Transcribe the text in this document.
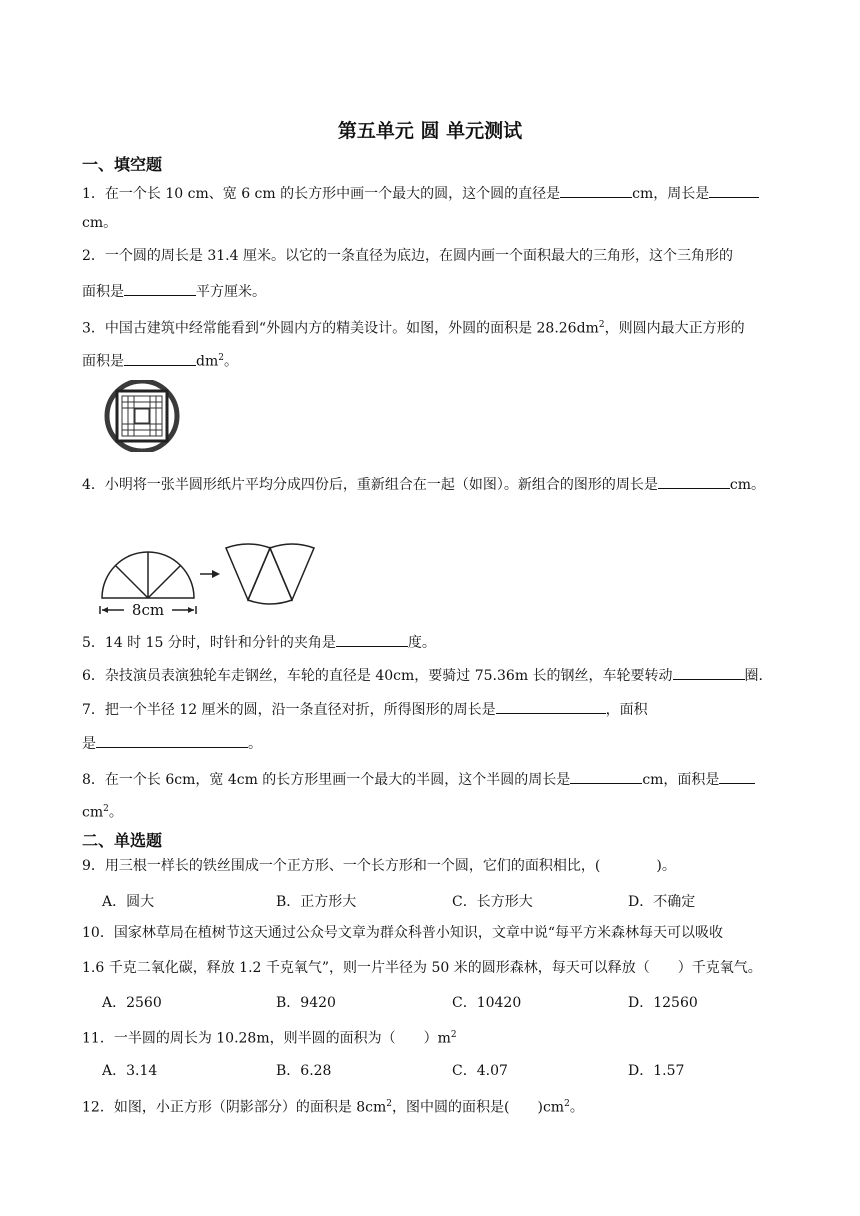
第五单元 圆 单元测试
一、填空题
1．在一个长 10 cm、宽 6 cm 的长方形中画一个最大的圆，这个圆的直径是	cm，周长是
cm。
2．一个圆的周长是 31.4 厘米。以它的一条直径为底边，在圆内画一个面积最大的三角形，这个三角形的
面积是	平方厘米。
3．中国古建筑中经常能看到“外圆内方的精美设计。如图，外圆的面积是 $28.26dm^2$，则圆内最大正方形的
面积是	$dm^2$。
4．小明将一张半圆形纸片平均分成四份后，重新组合在一起（如图）。新组合的图形的周长是	cm。
8cm
5．14 时 15 分时，时针和分针的夹角是	度。
6．杂技演员表演独轮车走钢丝，车轮的直径是 40cm，要骑过 75.36m 长的钢丝，车轮要转动	圈.
7．把一个半径 12 厘米的圆，沿一条直径对折，所得图形的周长是	，面积
是	。
8．在一个长 6cm，宽 4cm 的长方形里画一个最大的半圆，这个半圆的周长是	cm，面积是
$cm^2$。
二、单选题
9．用三根一样长的铁丝围成一个正方形、一个长方形和一个圆，它们的面积相比，(	)。
A．圆大	B．正方形大	C．长方形大	D．不确定
10．国家林草局在植树节这天通过公众号文章为群众科普小知识，文章中说“每平方米森林每天可以吸收
1.6 千克二氧化碳，释放 1.2 千克氧气”，则一片半径为 50 米的圆形森林，每天可以释放（　　）千克氧气。
A．2560	B．9420	C．10420	D．12560
11．一半圆的周长为 10.28m，则半圆的面积为（　　）$m^2$
A．3.14	B．6.28	C．4.07	D．1.57
12．如图，小正方形（阴影部分）的面积是 $8cm^2$，图中圆的面积是(　　)$cm^2$。
